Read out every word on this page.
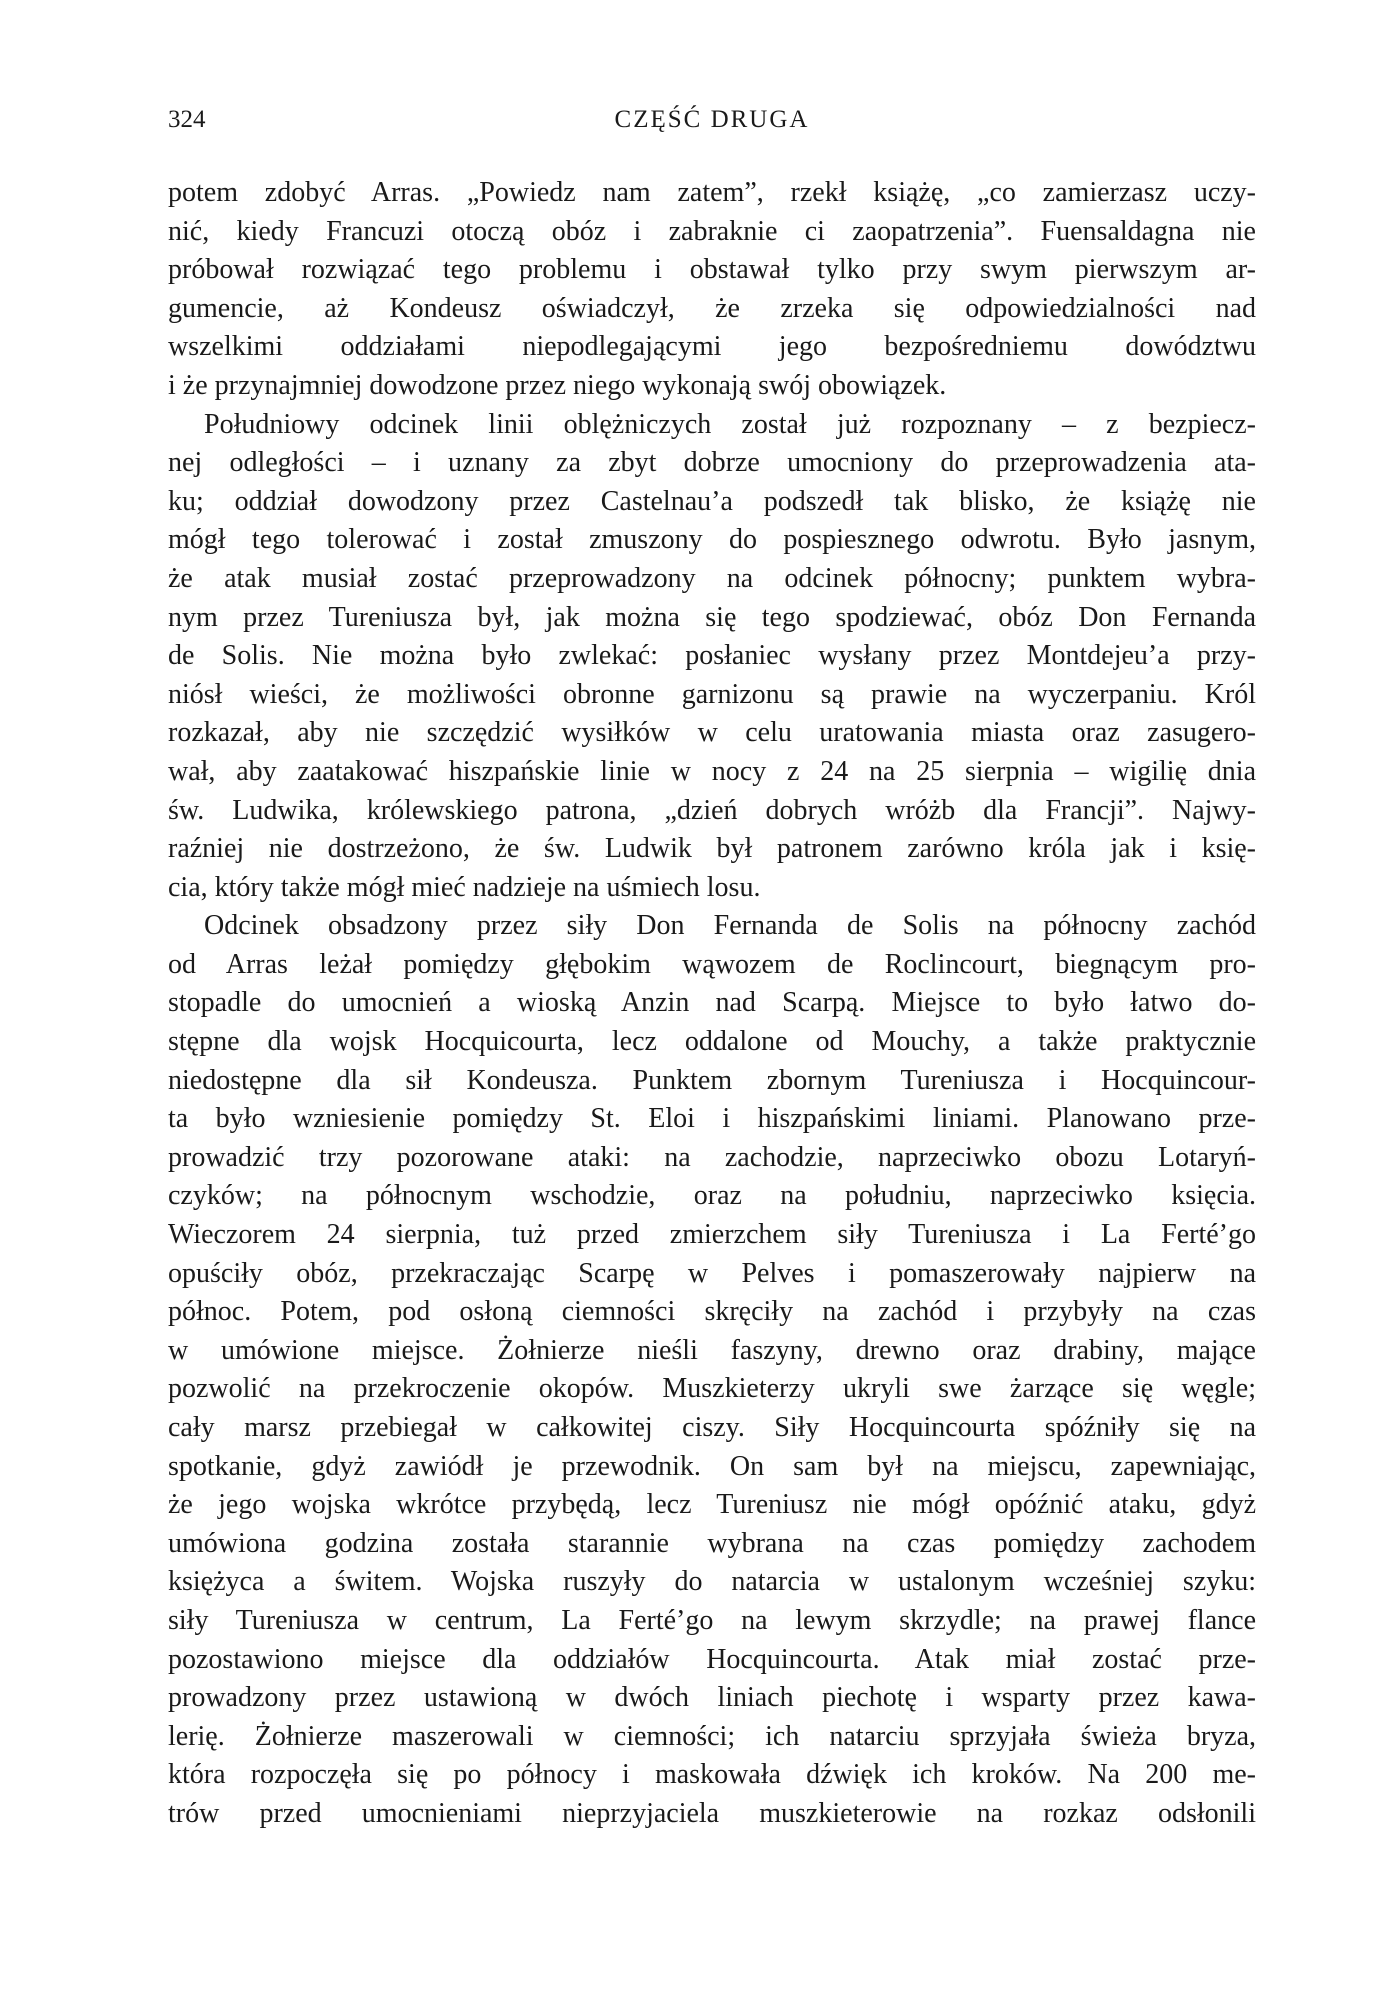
324	CZĘŚĆ DRUGA
potem zdobyć Arras. „Powiedz nam zatem”, rzekł książę, „co zamierzasz uczy-
nić, kiedy Francuzi otoczą obóz i zabraknie ci zaopatrzenia”. Fuensaldagna nie
próbował rozwiązać tego problemu i obstawał tylko przy swym pierwszym ar-
gumencie, aż Kondeusz oświadczył, że zrzeka się odpowiedzialności nad
wszelkimi oddziałami niepodlegającymi jego bezpośredniemu dowództwu
i że przynajmniej dowodzone przez niego wykonają swój obowiązek.
Południowy odcinek linii oblężniczych został już rozpoznany – z bezpiecz-
nej odległości – i uznany za zbyt dobrze umocniony do przeprowadzenia ata-
ku; oddział dowodzony przez Castelnau’a podszedł tak blisko, że książę nie
mógł tego tolerować i został zmuszony do pospiesznego odwrotu. Było jasnym,
że atak musiał zostać przeprowadzony na odcinek północny; punktem wybra-
nym przez Tureniusza był, jak można się tego spodziewać, obóz Don Fernanda
de Solis. Nie można było zwlekać: posłaniec wysłany przez Montdejeu’a przy-
niósł wieści, że możliwości obronne garnizonu są prawie na wyczerpaniu. Król
rozkazał, aby nie szczędzić wysiłków w celu uratowania miasta oraz zasugero-
wał, aby zaatakować hiszpańskie linie w nocy z 24 na 25 sierpnia – wigilię dnia
św. Ludwika, królewskiego patrona, „dzień dobrych wróżb dla Francji”. Najwy-
raźniej nie dostrzeżono, że św. Ludwik był patronem zarówno króla jak i księ-
cia, który także mógł mieć nadzieje na uśmiech losu.
Odcinek obsadzony przez siły Don Fernanda de Solis na północny zachód
od Arras leżał pomiędzy głębokim wąwozem de Roclincourt, biegnącym pro-
stopadle do umocnień a wioską Anzin nad Scarpą. Miejsce to było łatwo do-
stępne dla wojsk Hocquicourta, lecz oddalone od Mouchy, a także praktycznie
niedostępne dla sił Kondeusza. Punktem zbornym Tureniusza i Hocquincour-
ta było wzniesienie pomiędzy St. Eloi i hiszpańskimi liniami. Planowano prze-
prowadzić trzy pozorowane ataki: na zachodzie, naprzeciwko obozu Lotaryń-
czyków; na północnym wschodzie, oraz na południu, naprzeciwko księcia.
Wieczorem 24 sierpnia, tuż przed zmierzchem siły Tureniusza i La Ferté’go
opuściły obóz, przekraczając Scarpę w Pelves i pomaszerowały najpierw na
północ. Potem, pod osłoną ciemności skręciły na zachód i przybyły na czas
w umówione miejsce. Żołnierze nieśli faszyny, drewno oraz drabiny, mające
pozwolić na przekroczenie okopów. Muszkieterzy ukryli swe żarzące się węgle;
cały marsz przebiegał w całkowitej ciszy. Siły Hocquincourta spóźniły się na
spotkanie, gdyż zawiódł je przewodnik. On sam był na miejscu, zapewniając,
że jego wojska wkrótce przybędą, lecz Tureniusz nie mógł opóźnić ataku, gdyż
umówiona godzina została starannie wybrana na czas pomiędzy zachodem
księżyca a świtem. Wojska ruszyły do natarcia w ustalonym wcześniej szyku:
siły Tureniusza w centrum, La Ferté’go na lewym skrzydle; na prawej flance
pozostawiono miejsce dla oddziałów Hocquincourta. Atak miał zostać prze-
prowadzony przez ustawioną w dwóch liniach piechotę i wsparty przez kawa-
lerię. Żołnierze maszerowali w ciemności; ich natarciu sprzyjała świeża bryza,
która rozpoczęła się po północy i maskowała dźwięk ich kroków. Na 200 me-
trów przed umocnieniami nieprzyjaciela muszkieterowie na rozkaz odsłonili
